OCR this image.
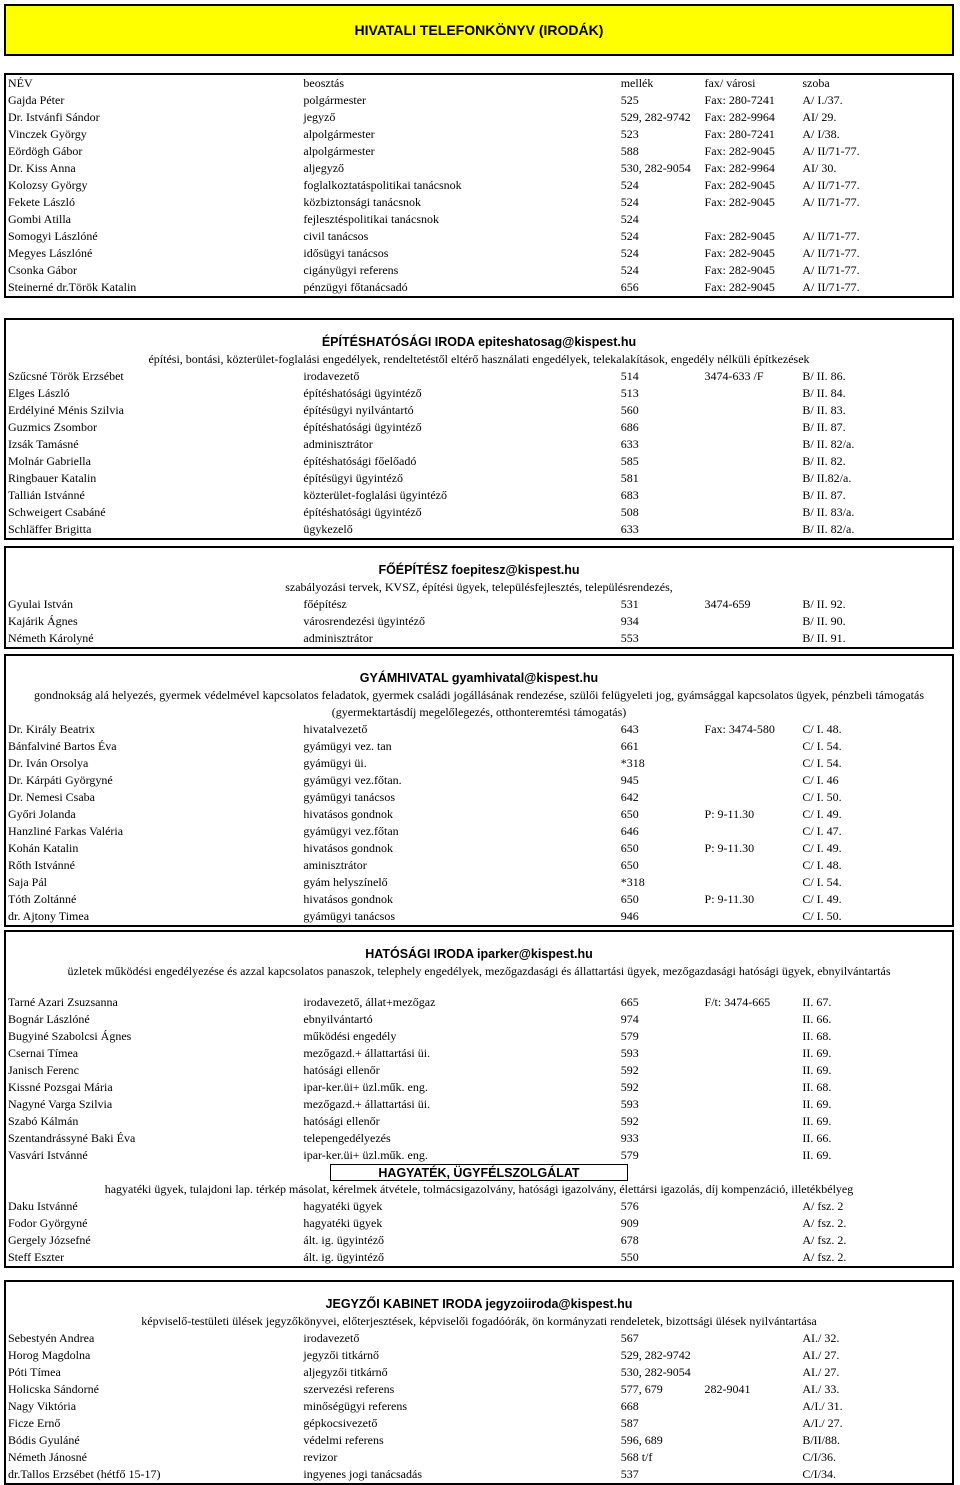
HIVATALI TELEFONKÖNYV (IRODÁK)
NÉV	beosztás	mellék	fax/ városi	szoba
Gajda Péter	polgármester	525	Fax: 280-7241	A/ I./37.
Dr. Istvánfi Sándor	jegyző	529, 282-9742	Fax: 282-9964	AI/ 29.
Vinczek György	alpolgármester	523	Fax: 280-7241	A/ I/38.
Eördögh Gábor	alpolgármester	588	Fax: 282-9045	A/ II/71-77.
Dr. Kiss Anna	aljegyző	530, 282-9054	Fax: 282-9964	AI/ 30.
Kolozsy György	foglalkoztatáspolitikai tanácsnok	524	Fax: 282-9045	A/ II/71-77.
Fekete László	közbiztonsági tanácsnok	524	Fax: 282-9045	A/ II/71-77.
Gombi Atilla	fejlesztéspolitikai tanácsnok	524
Somogyi Lászlóné	civil tanácsos	524	Fax: 282-9045	A/ II/71-77.
Megyes Lászlóné	idősügyi tanácsos	524	Fax: 282-9045	A/ II/71-77.
Csonka Gábor	cigányügyi referens	524	Fax: 282-9045	A/ II/71-77.
Steinerné dr.Török Katalin	pénzügyi főtanácsadó	656	Fax: 282-9045	A/ II/71-77.
ÉPÍTÉSHATÓSÁGI IRODA epiteshatosag@kispest.hu
építési, bontási, közterület-foglalási engedélyek, rendeltetéstől eltérő használati engedélyek, telekalakítások, engedély nélküli építkezések
Szűcsné Török Erzsébet	irodavezető	514	3474-633 /F	B/ II. 86.
Elges László	építéshatósági ügyintéző	513	B/ II. 84.
Erdélyiné Ménis Szilvia	építésügyi nyilvántartó	560	B/ II. 83.
Guzmics Zsombor	építéshatósági ügyintéző	686	B/ II. 87.
Izsák Tamásné	adminisztrátor	633	B/ II. 82/a.
Molnár Gabriella	építéshatósági főelőadó	585	B/ II. 82.
Ringbauer Katalin	építésügyi ügyintéző	581	B/ II.82/a.
Tallián Istvánné	közterület-foglalási ügyintéző	683	B/ II. 87.
Schweigert Csabáné	építéshatósági ügyintéző	508	B/ II. 83/a.
Schläffer Brigitta	ügykezelő	633	B/ II. 82/a.
FŐÉPÍTÉSZ foepitesz@kispest.hu
szabályozási tervek, KVSZ, építési ügyek, településfejlesztés, településrendezés,
Gyulai István	főépítész	531	3474-659	B/ II. 92.
Kajárik Ágnes	városrendezési ügyintéző	934	B/ II. 90.
Németh Károlyné	adminisztrátor	553	B/ II. 91.
GYÁMHIVATAL gyamhivatal@kispest.hu
gondnokság alá helyezés, gyermek védelmével kapcsolatos feladatok, gyermek családi jogállásának rendezése, szülői felügyeleti jog, gyámsággal kapcsolatos ügyek, pénzbeli támogatás (gyermektartásdíj megelőlegezés, otthonteremtési támogatás)
Dr. Király Beatrix	hivatalvezető	643	Fax: 3474-580	C/ I. 48.
Bánfalviné Bartos Éva	gyámügyi vez. tan	661	C/ I. 54.
Dr. Iván Orsolya	gyámügyi üi.	*318	C/ I. 54.
Dr. Kárpáti Györgyné	gyámügyi vez.főtan.	945	C/ I. 46
Dr. Nemesi Csaba	gyámügyi tanácsos	642	C/ I. 50.
Győri Jolanda	hivatásos gondnok	650	P: 9-11.30	C/ I. 49.
Hanzliné Farkas Valéria	gyámügyi vez.főtan	646	C/ I. 47.
Kohán Katalin	hivatásos gondnok	650	P: 9-11.30	C/ I. 49.
Rőth Istvánné	aminisztrátor	650	C/ I. 48.
Saja Pál	gyám helyszínelő	*318	C/ I. 54.
Tóth Zoltánné	hivatásos gondnok	650	P: 9-11.30	C/ I. 49.
dr. Ajtony Timea	gyámügyi tanácsos	946	C/ I. 50.
HATÓSÁGI IRODA iparker@kispest.hu
üzletek működési engedélyezése és azzal kapcsolatos panaszok, telephely engedélyek, mezőgazdasági és állattartási ügyek, mezőgazdasági hatósági ügyek, ebnyilvántartás
Tarné Azari Zsuzsanna	irodavezető, állat+mezőgaz	665	F/t: 3474-665	II. 67.
Bognár Lászlóné	ebnyilvántartó	974	II. 66.
Bugyiné Szabolcsi Ágnes	működési engedély	579	II. 68.
Csernai Tímea	mezőgazd.+ állattartási üi.	593	II. 69.
Janisch Ferenc	hatósági ellenőr	592	II. 69.
Kissné Pozsgai Mária	ipar-ker.üi+ üzl.műk. eng.	592	II. 68.
Nagyné Varga Szilvia	mezőgazd.+ állattartási üi.	593	II. 69.
Szabó Kálmán	hatósági ellenőr	592	II. 69.
Szentandrássyné Baki Éva	telepengedélyezés	933	II. 66.
Vasvári Istvánné	ipar-ker.üi+ üzl.műk. eng.	579	II. 69.
HAGYATÉK, ÜGYFÉLSZOLGÁLAT
hagyatéki ügyek, tulajdoni lap. térkép másolat, kérelmek átvétele, tolmácsigazolvány, hatósági igazolvány, élettársi igazolás, díj kompenzáció, illetékbélyeg
Daku Istvánné	hagyatéki ügyek	576	A/ fsz. 2
Fodor Györgyné	hagyatéki ügyek	909	A/ fsz. 2.
Gergely Józsefné	ált. ig. ügyintéző	678	A/ fsz. 2.
Steff Eszter	ált. ig. ügyintéző	550	A/ fsz. 2.
JEGYZŐI KABINET IRODA jegyzoiiroda@kispest.hu
képviselő-testületi ülések jegyzőkönyvei, előterjesztések, képviselői fogadóórák, ön kormányzati rendeletek, bizottsági ülések nyilvántartása
Sebestyén Andrea	irodavezető	567	AI./ 32.
Horog Magdolna	jegyzői titkárnő	529, 282-9742	AI./ 27.
Póti Tímea	aljegyzői titkárnő	530, 282-9054	AI./ 27.
Holicska Sándorné	szervezési referens	577, 679	282-9041	AI./ 33.
Nagy Viktória	minőségügyi referens	668	A/I./ 31.
Ficze Ernő	gépkocsivezető	587	A/I./ 27.
Bódis Gyuláné	védelmi referens	596, 689	B/II/88.
Németh Jánosné	revizor	568 t/f	C/I/36.
dr.Tallos Erzsébet (hétfő 15-17)	ingyenes jogi tanácsadás	537	C/I/34.
